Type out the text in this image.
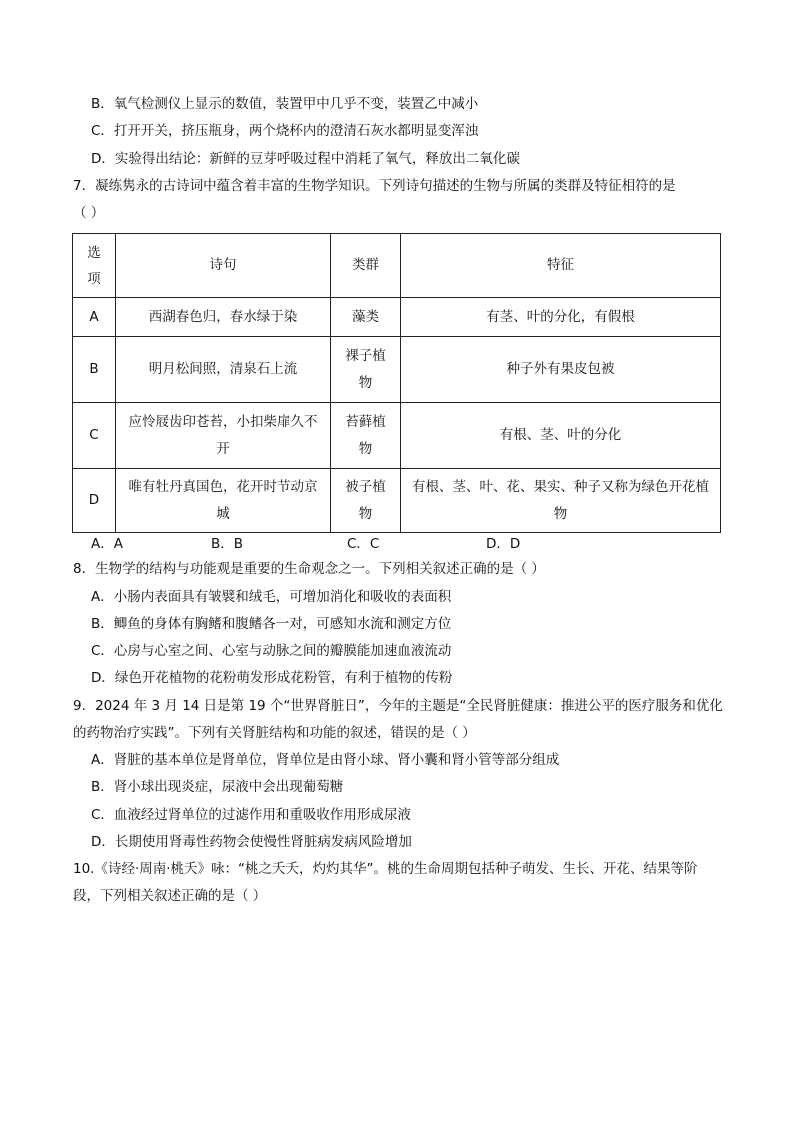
B．氧气检测仪上显示的数值，装置甲中几乎不变，装置乙中减小
C．打开开关，挤压瓶身，两个烧杯内的澄清石灰水都明显变浑浊
D．实验得出结论：新鲜的豆芽呼吸过程中消耗了氧气，释放出二氧化碳
7．凝练隽永的古诗词中蕴含着丰富的生物学知识。下列诗句描述的生物与所属的类群及特征相符的是
（ ）
选项	诗句	类群	特征
A	西湖春色归，春水绿于染	藻类	有茎、叶的分化，有假根
B	明月松间照，清泉石上流	裸子植物	种子外有果皮包被
C	应怜屐齿印苍苔，小扣柴扉久不开	苔藓植物	有根、茎、叶的分化
D	唯有牡丹真国色，花开时节动京城	被子植物	有根、茎、叶、花、果实、种子又称为绿色开花植物
A．A	B．B	C．C	D．D
8．生物学的结构与功能观是重要的生命观念之一。下列相关叙述正确的是（ ）
A．小肠内表面具有皱襞和绒毛，可增加消化和吸收的表面积
B．鲫鱼的身体有胸鳍和腹鳍各一对，可感知水流和测定方位
C．心房与心室之间、心室与动脉之间的瓣膜能加速血液流动
D．绿色开花植物的花粉萌发形成花粉管，有利于植物的传粉
9．2024 年 3 月 14 日是第 19 个“世界肾脏日”，今年的主题是“全民肾脏健康：推进公平的医疗服务和优化
的药物治疗实践”。下列有关肾脏结构和功能的叙述，错误的是（ ）
A．肾脏的基本单位是肾单位，肾单位是由肾小球、肾小囊和肾小管等部分组成
B．肾小球出现炎症，尿液中会出现葡萄糖
C．血液经过肾单位的过滤作用和重吸收作用形成尿液
D．长期使用肾毒性药物会使慢性肾脏病发病风险增加
10.《诗经·周南·桃夭》咏：“桃之夭夭，灼灼其华”。桃的生命周期包括种子萌发、生长、开花、结果等阶
段，下列相关叙述正确的是（ ）
